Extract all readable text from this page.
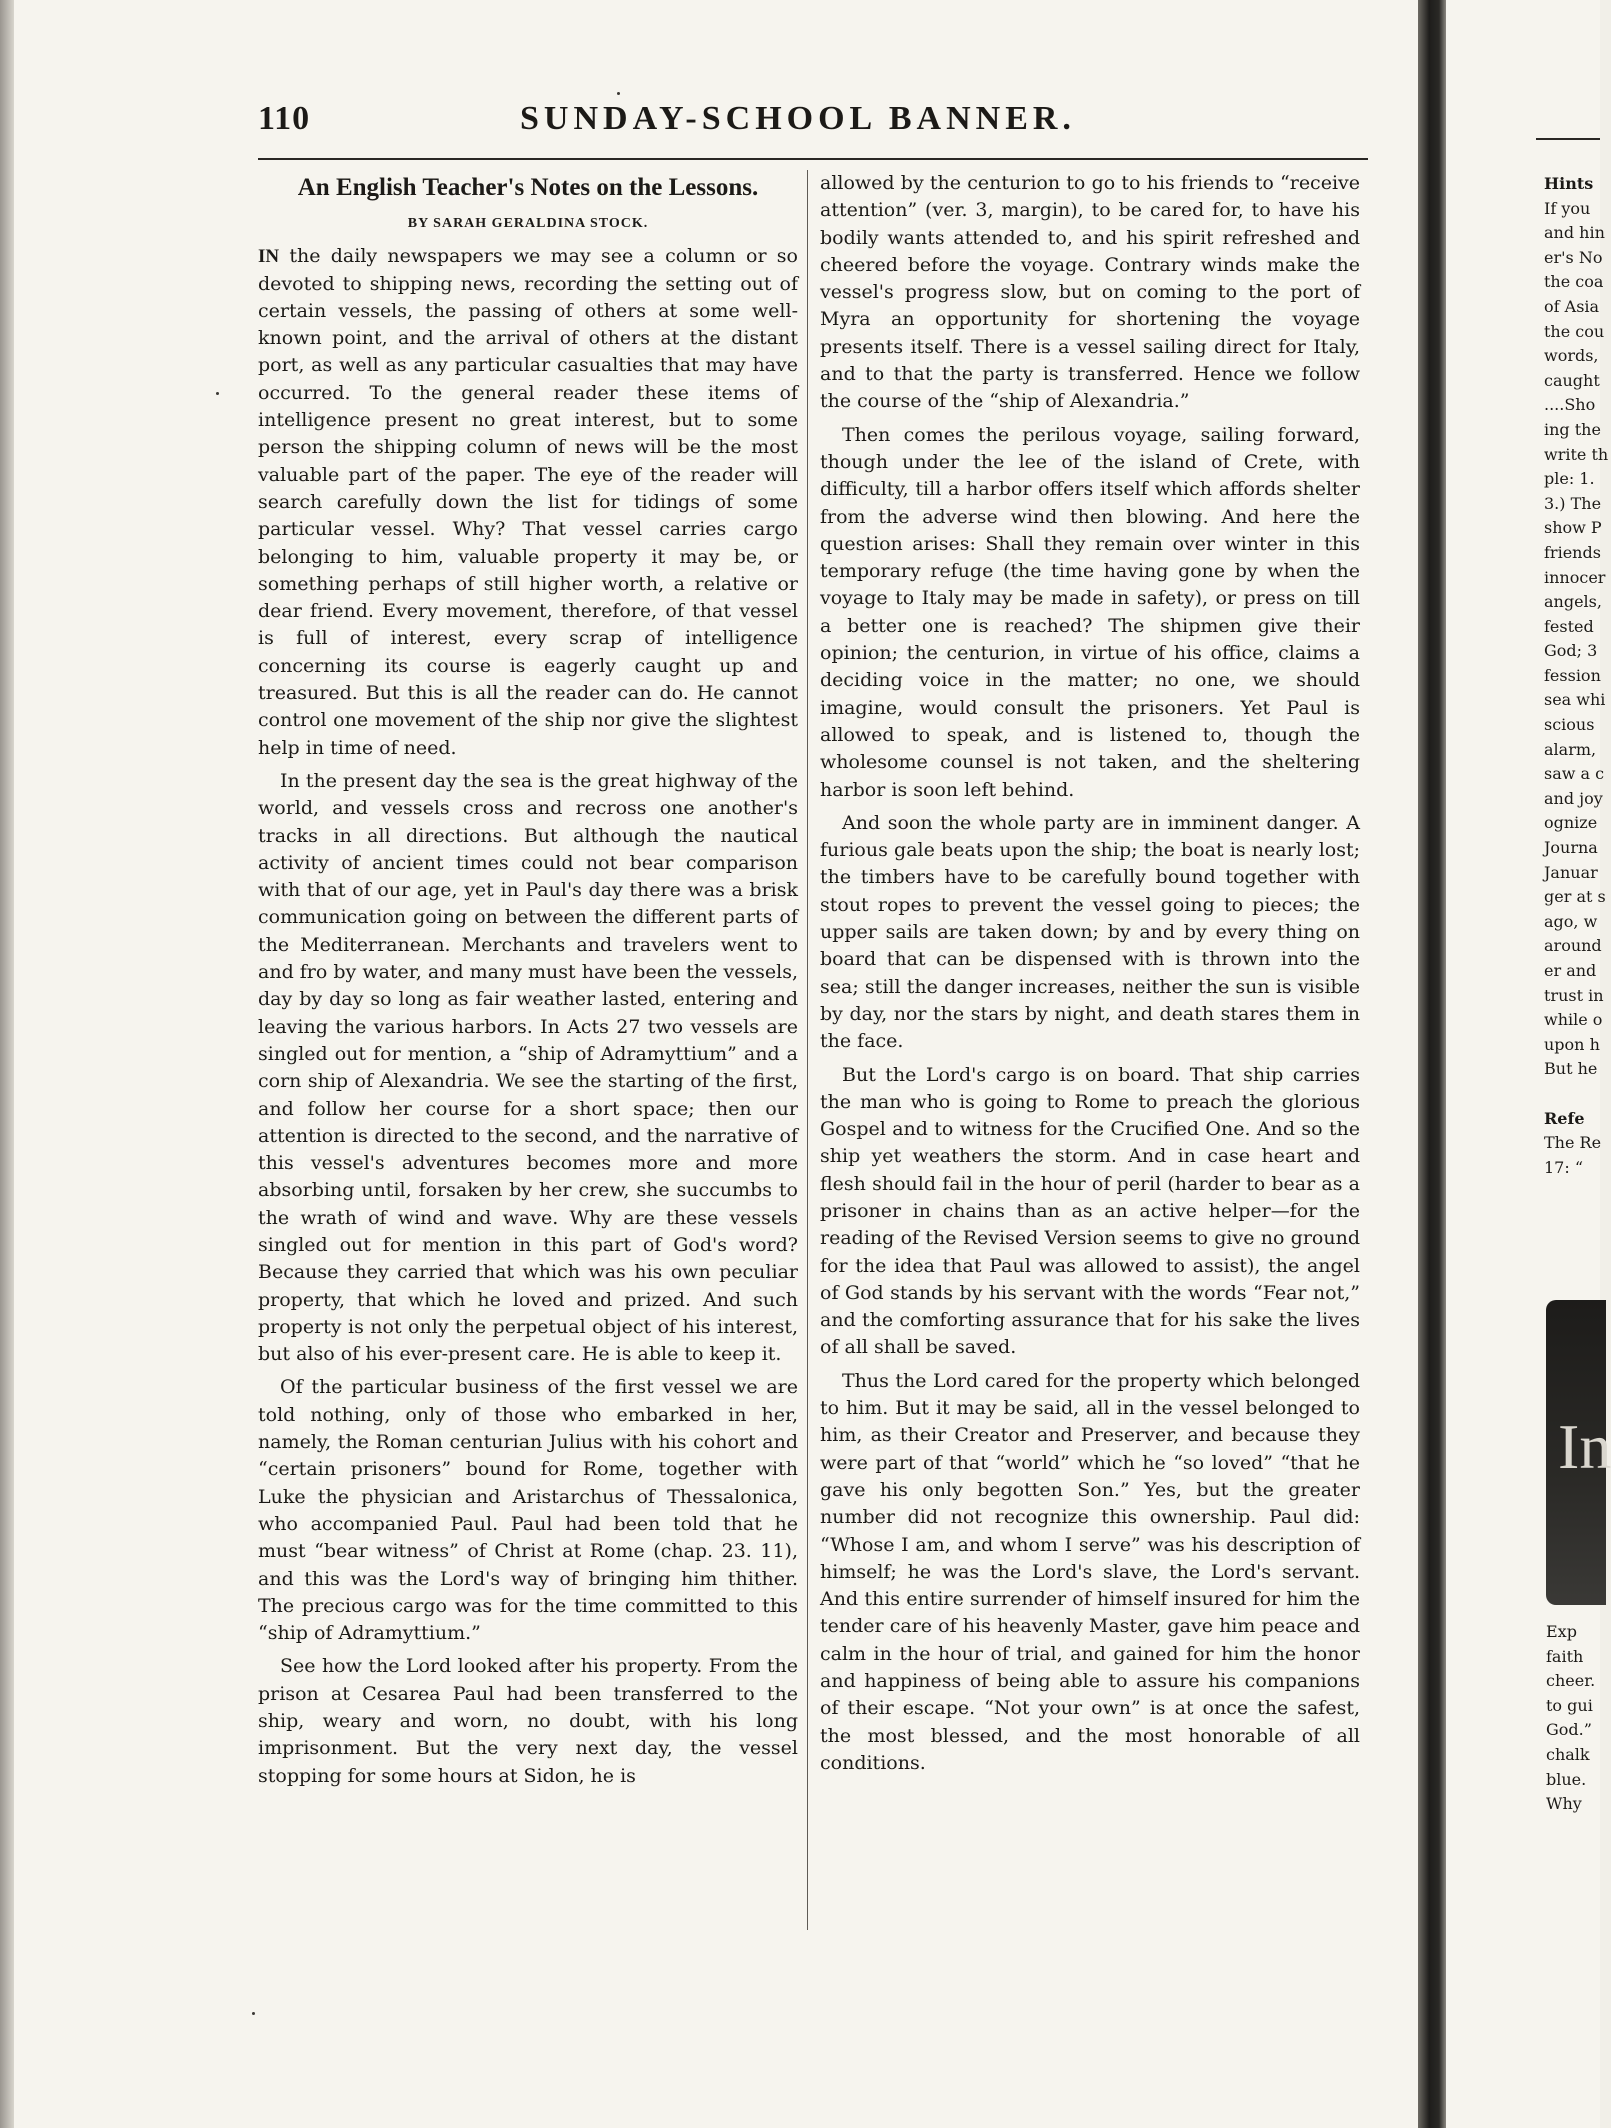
110	SUNDAY-SCHOOL BANNER.
An English Teacher's Notes on the Lessons.
BY SARAH GERALDINA STOCK.

IN the daily newspapers we may see a column or so devoted to shipping news, recording the setting out of certain vessels, the passing of others at some well-known point, and the arrival of others at the distant port, as well as any particular casualties that may have occurred. To the general reader these items of intelligence present no great interest, but to some person the shipping column of news will be the most valuable part of the paper. The eye of the reader will search carefully down the list for tidings of some particular vessel. Why? That vessel carries cargo belonging to him, valuable property it may be, or something perhaps of still higher worth, a relative or dear friend. Every movement, therefore, of that vessel is full of interest, every scrap of intelligence concerning its course is eagerly caught up and treasured. But this is all the reader can do. He cannot control one movement of the ship nor give the slightest help in time of need.

In the present day the sea is the great highway of the world, and vessels cross and recross one another's tracks in all directions. But although the nautical activity of ancient times could not bear comparison with that of our age, yet in Paul's day there was a brisk communication going on between the different parts of the Mediterranean. Merchants and travelers went to and fro by water, and many must have been the vessels, day by day so long as fair weather lasted, entering and leaving the various harbors. In Acts 27 two vessels are singled out for mention, a “ship of Adramyttium” and a corn ship of Alexandria. We see the starting of the first, and follow her course for a short space; then our attention is directed to the second, and the narrative of this vessel's adventures becomes more and more absorbing until, forsaken by her crew, she succumbs to the wrath of wind and wave. Why are these vessels singled out for mention in this part of God's word? Because they carried that which was his own peculiar property, that which he loved and prized. And such property is not only the perpetual object of his interest, but also of his ever-present care. He is able to keep it.

Of the particular business of the first vessel we are told nothing, only of those who embarked in her, namely, the Roman centurian Julius with his cohort and “certain prisoners” bound for Rome, together with Luke the physician and Aristarchus of Thessalonica, who accompanied Paul. Paul had been told that he must “bear witness” of Christ at Rome (chap. 23. 11), and this was the Lord's way of bringing him thither. The precious cargo was for the time committed to this “ship of Adramyttium.”

See how the Lord looked after his property. From the prison at Cesarea Paul had been transferred to the ship, weary and worn, no doubt, with his long imprisonment. But the very next day, the vessel stopping for some hours at Sidon, he is

allowed by the centurion to go to his friends to “receive attention” (ver. 3, margin), to be cared for, to have his bodily wants attended to, and his spirit refreshed and cheered before the voyage. Contrary winds make the vessel's progress slow, but on coming to the port of Myra an opportunity for shortening the voyage presents itself. There is a vessel sailing direct for Italy, and to that the party is transferred. Hence we follow the course of the “ship of Alexandria.”

Then comes the perilous voyage, sailing forward, though under the lee of the island of Crete, with difficulty, till a harbor offers itself which affords shelter from the adverse wind then blowing. And here the question arises: Shall they remain over winter in this temporary refuge (the time having gone by when the voyage to Italy may be made in safety), or press on till a better one is reached? The shipmen give their opinion; the centurion, in virtue of his office, claims a deciding voice in the matter; no one, we should imagine, would consult the prisoners. Yet Paul is allowed to speak, and is listened to, though the wholesome counsel is not taken, and the sheltering harbor is soon left behind.

And soon the whole party are in imminent danger. A furious gale beats upon the ship; the boat is nearly lost; the timbers have to be carefully bound together with stout ropes to prevent the vessel going to pieces; the upper sails are taken down; by and by every thing on board that can be dispensed with is thrown into the sea; still the danger increases, neither the sun is visible by day, nor the stars by night, and death stares them in the face.

But the Lord's cargo is on board. That ship carries the man who is going to Rome to preach the glorious Gospel and to witness for the Crucified One. And so the ship yet weathers the storm. And in case heart and flesh should fail in the hour of peril (harder to bear as a prisoner in chains than as an active helper—for the reading of the Revised Version seems to give no ground for the idea that Paul was allowed to assist), the angel of God stands by his servant with the words “Fear not,” and the comforting assurance that for his sake the lives of all shall be saved.

Thus the Lord cared for the property which belonged to him. But it may be said, all in the vessel belonged to him, as their Creator and Preserver, and because they were part of that “world” which he “so loved” “that he gave his only begotten Son.” Yes, but the greater number did not recognize this ownership. Paul did: “Whose I am, and whom I serve” was his description of himself; he was the Lord's slave, the Lord's servant. And this entire surrender of himself insured for him the tender care of his heavenly Master, gave him peace and calm in the hour of trial, and gained for him the honor and happiness of being able to assure his companions of their escape. “Not your own” is at once the safest, the most blessed, and the most honorable of all conditions.

Hints
If you
and hin
er's No
the coa
of Asia
the cou
words,
caught
....Sho
ing the
write th
ple: 1.
3.) The
show P
friends
innocer
angels,
fested
God; 3
fession
sea whi
scious
alarm,
saw a c
and joy
ognize
Journa
Januar
ger at s
ago, w
around
er and
trust in
while o
upon h
But he

Refe
The Re
17: “
In
Exp
faith
cheer.
to gui
God.”
chalk
blue.
Why
